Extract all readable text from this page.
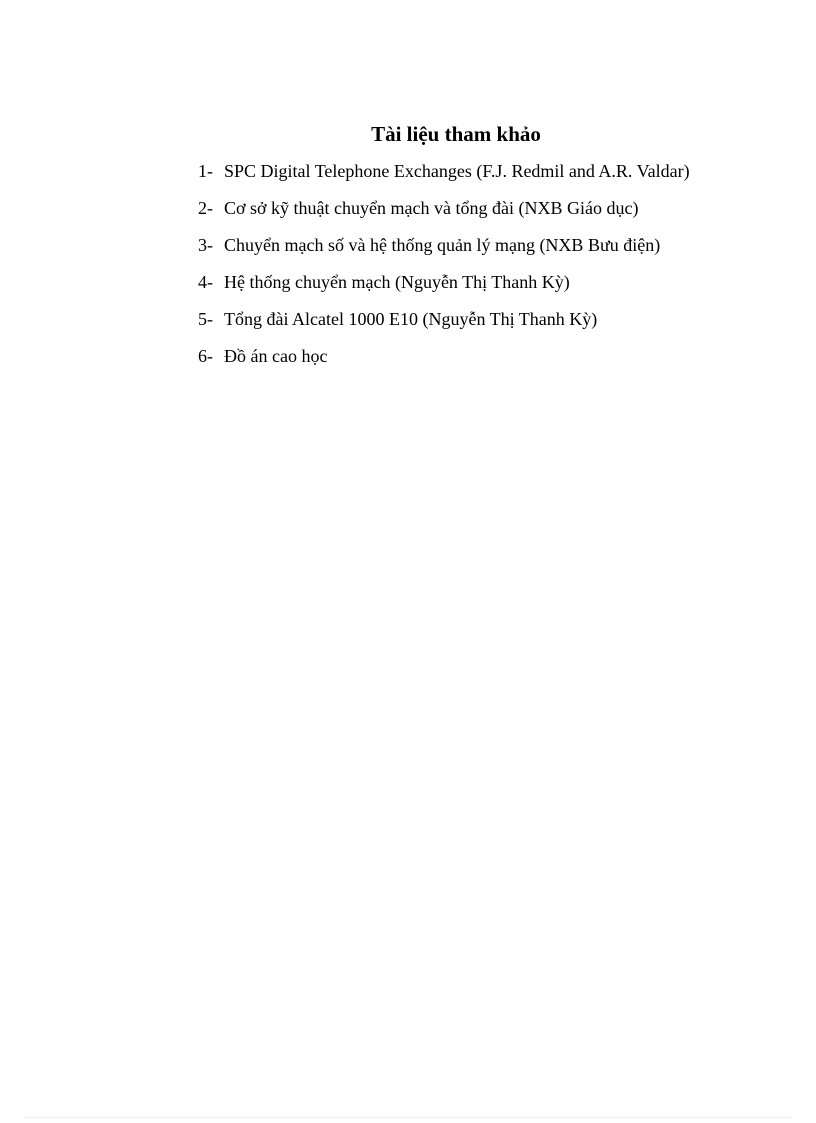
Tài liệu tham khảo
1- SPC Digital Telephone Exchanges (F.J. Redmil and A.R. Valdar)
2- Cơ sở kỹ thuật chuyển mạch và tổng đài (NXB Giáo dục)
3- Chuyển mạch số và hệ thống quản lý mạng (NXB Bưu điện)
4- Hệ thống chuyển mạch (Nguyễn Thị Thanh Kỳ)
5- Tổng đài Alcatel 1000 E10 (Nguyễn Thị Thanh Kỳ)
6- Đồ án cao học
